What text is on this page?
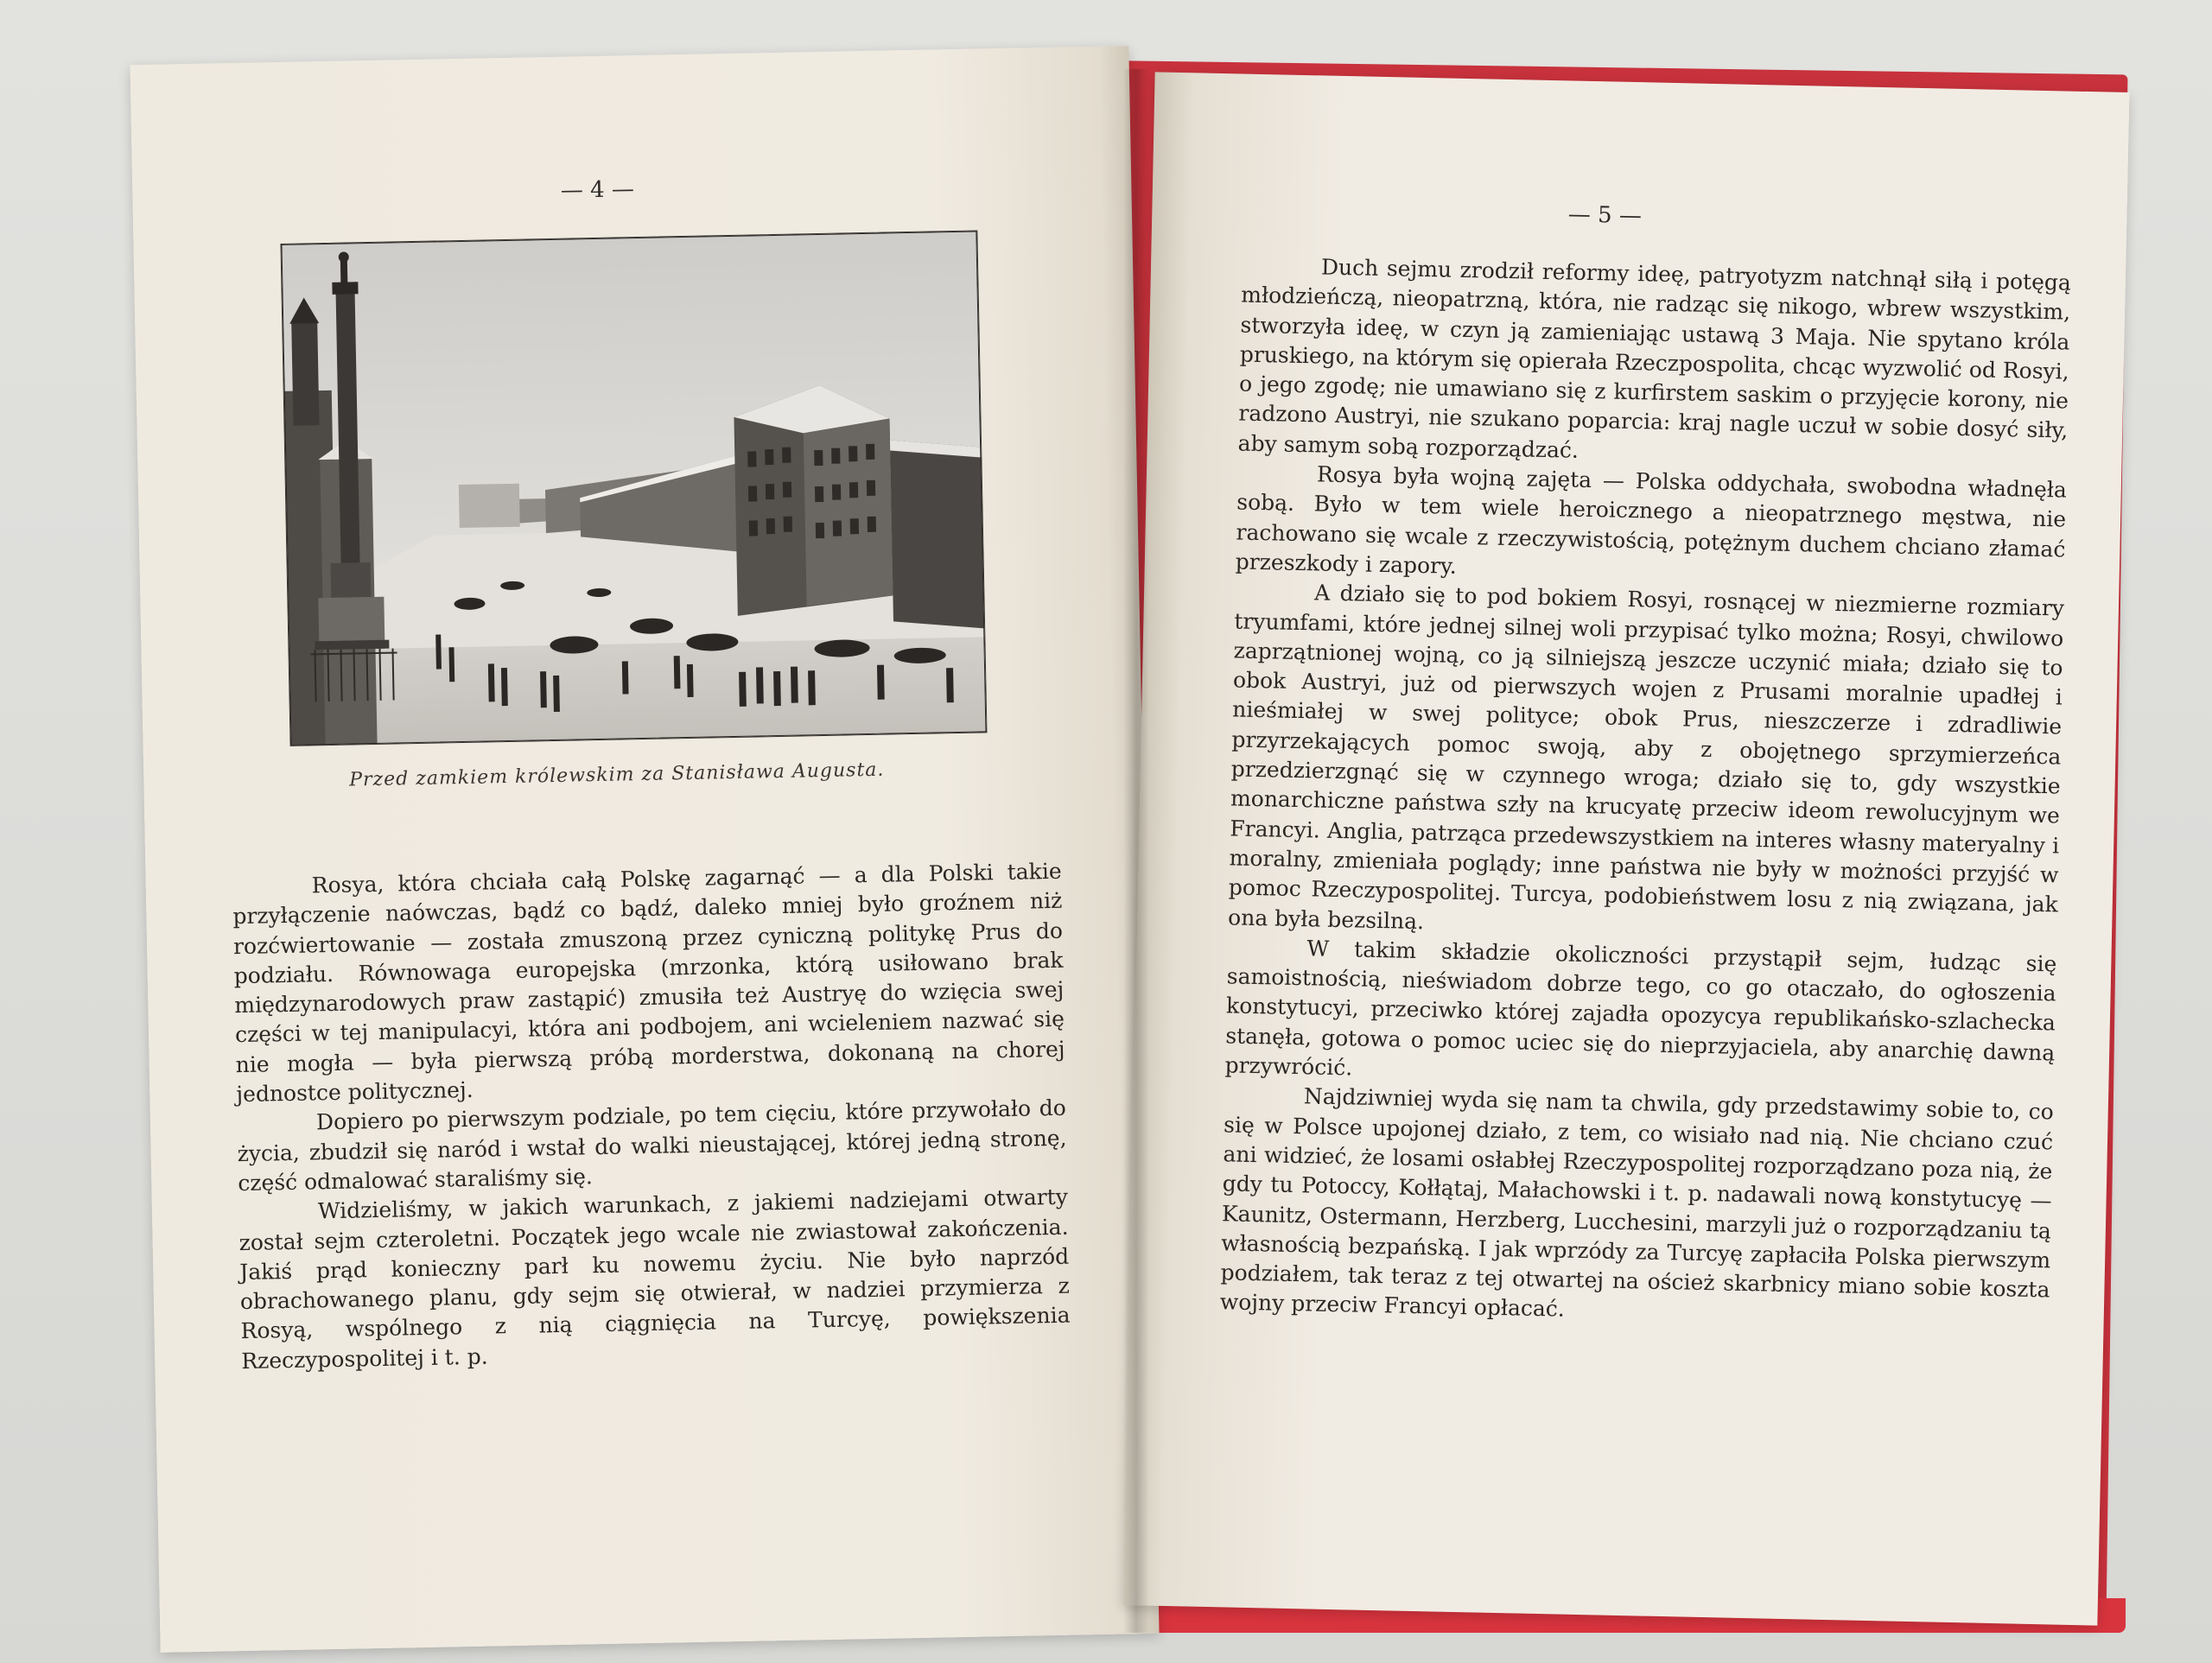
— 4 —
Przed zamkiem królewskim za Stanisława Augusta.

Rosya, która chciała całą Polskę zagarnąć — a dla Polski takie przyłączenie naówczas, bądź co bądź, daleko mniej było groźnem niż rozćwiertowanie — została zmuszoną przez cyniczną politykę Prus do podziału. Równowaga europejska (mrzonka, którą usiłowano brak międzynarodowych praw zastąpić) zmusiła też Austryę do wzięcia swej części w tej manipulacyi, która ani podbojem, ani wcieleniem nazwać się nie mogła — była pierwszą próbą morderstwa, dokonaną na chorej jednostce politycznej.

Dopiero po pierwszym podziale, po tem cięciu, które przywołało do życia, zbudził się naród i wstał do walki nieustającej, której jedną stronę, część odmalować staraliśmy się.

Widzieliśmy, w jakich warunkach, z jakiemi nadziejami otwarty został sejm czteroletni. Początek jego wcale nie zwiastował zakończenia. Jakiś prąd konieczny parł ku nowemu życiu. Nie było naprzód obrachowanego planu, gdy sejm się otwierał, w nadziei przymierza z Rosyą, wspólnego z nią ciągnięcia na Turcyę, powiększenia Rzeczypospolitej i t. p.

— 5 —

Duch sejmu zrodził reformy ideę, patryotyzm natchnął siłą i potęgą młodzieńczą, nieopatrzną, która, nie radząc się nikogo, wbrew wszystkim, stworzyła ideę, w czyn ją zamieniając ustawą 3 Maja. Nie spytano króla pruskiego, na którym się opierała Rzeczpospolita, chcąc wyzwolić od Rosyi, o jego zgodę; nie umawiano się z kurfirstem saskim o przyjęcie korony, nie radzono Austryi, nie szukano poparcia: kraj nagle uczuł w sobie dosyć siły, aby samym sobą rozporządzać.

Rosya była wojną zajęta — Polska oddychała, swobodna władnęła sobą. Było w tem wiele heroicznego a nieopatrznego męstwa, nie rachowano się wcale z rzeczywistością, potężnym duchem chciano złamać przeszkody i zapory.

A działo się to pod bokiem Rosyi, rosnącej w niezmierne rozmiary tryumfami, które jednej silnej woli przypisać tylko można; Rosyi, chwilowo zaprzątnionej wojną, co ją silniejszą jeszcze uczynić miała; działo się to obok Austryi, już od pierwszych wojen z Prusami moralnie upadłej i nieśmiałej w swej polityce; obok Prus, nieszczerze i zdradliwie przyrzekających pomoc swoją, aby z obojętnego sprzymierzeńca przedzierzgnąć się w czynnego wroga; działo się to, gdy wszystkie monarchiczne państwa szły na krucyatę przeciw ideom rewolucyjnym we Francyi. Anglia, patrząca przedewszystkiem na interes własny materyalny i moralny, zmieniała poglądy; inne państwa nie były w możności przyjść w pomoc Rzeczypospolitej. Turcya, podobieństwem losu z nią związana, jak ona była bezsilną.

W takim składzie okoliczności przystąpił sejm, łudząc się samoistnością, nieświadom dobrze tego, co go otaczało, do ogłoszenia konstytucyi, przeciwko której zajadła opozycya republikańsko-szlachecka stanęła, gotowa o pomoc uciec się do nieprzyjaciela, aby anarchię dawną przywrócić.

Najdziwniej wyda się nam ta chwila, gdy przedstawimy sobie to, co się w Polsce upojonej działo, z tem, co wisiało nad nią. Nie chciano czuć ani widzieć, że losami osłabłej Rzeczypospolitej rozporządzano poza nią, że gdy tu Potoccy, Kołłątaj, Małachowski i t. p. nadawali nową konstytucyę — Kaunitz, Ostermann, Herzberg, Lucchesini, marzyli już o rozporządzaniu tą własnością bezpańską. I jak wprzódy za Turcyę zapłaciła Polska pierwszym podziałem, tak teraz z tej otwartej na oścież skarbnicy miano sobie koszta wojny przeciw Francyi opłacać.
